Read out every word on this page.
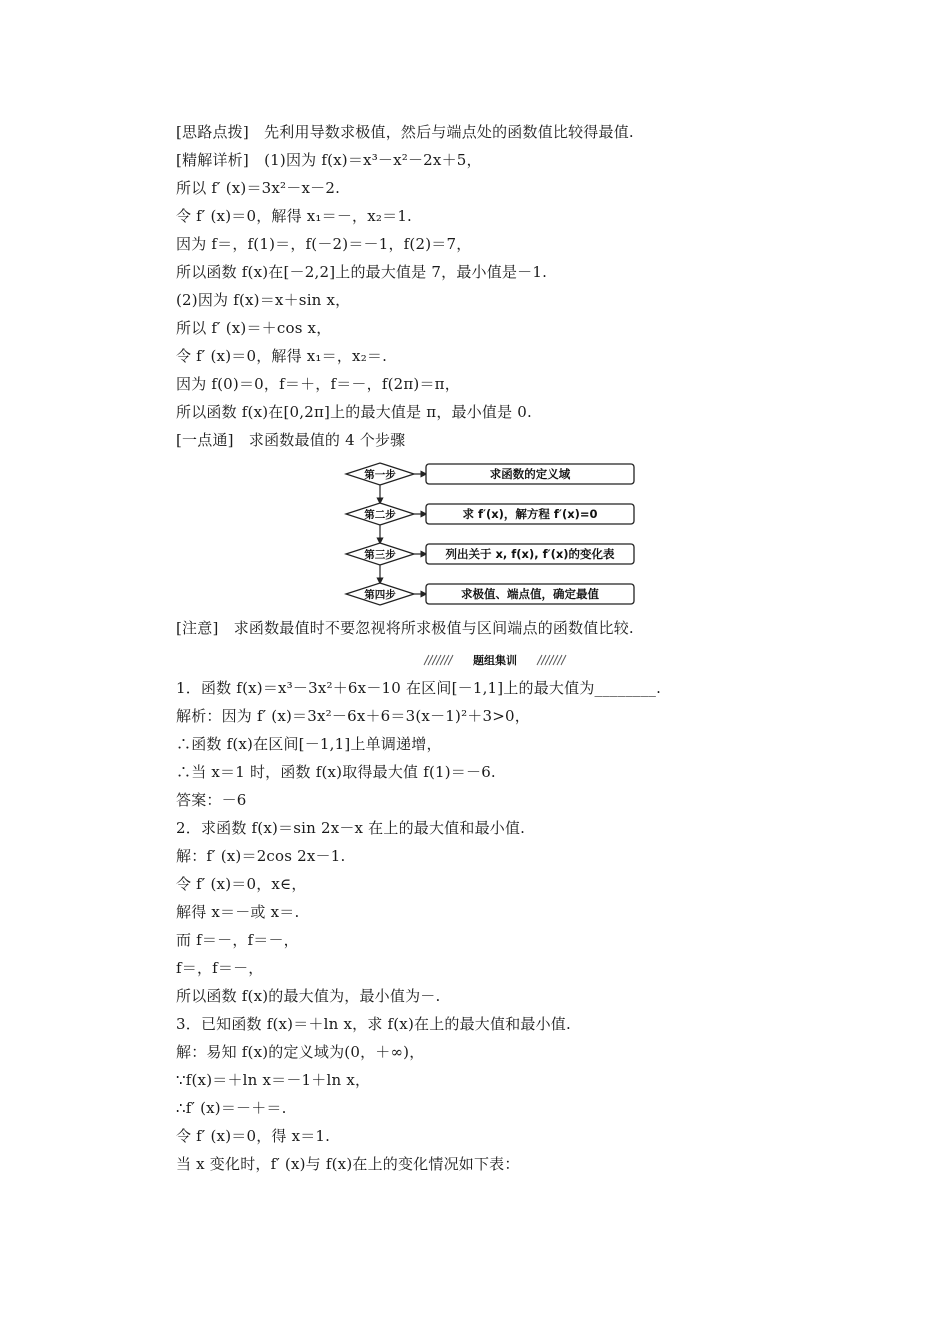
[思路点拨]　先利用导数求极值，然后与端点处的函数值比较得最值.
[精解详析]　(1)因为 f(x)＝x³－x²－2x＋5，
所以 f′ (x)＝3x²－x－2.
令 f′ (x)＝0，解得 x₁＝－，x₂＝1.
因为 f＝，f(1)＝，f(－2)＝－1，f(2)＝7，
所以函数 f(x)在[－2,2]上的最大值是 7，最小值是－1.
(2)因为 f(x)＝x＋sin x，
所以 f′ (x)＝＋cos x，
令 f′ (x)＝0，解得 x₁＝，x₂＝.
因为 f(0)＝0，f＝＋，f＝－，f(2π)＝π，
所以函数 f(x)在[0,2π]上的最大值是 π，最小值是 0.
[一点通]　求函数最值的 4 个步骤
第一步	求函数的定义域
第二步	求 f′(x)，解方程 f′(x)=0
第三步	列出关于 x, f(x), f′(x)的变化表
第四步	求极值、端点值，确定最值
[注意]　求函数最值时不要忽视将所求极值与区间端点的函数值比较.
题组集训
1．函数 f(x)＝x³－3x²＋6x－10 在区间[－1,1]上的最大值为________.
解析：因为 f′ (x)＝3x²－6x＋6＝3(x－1)²＋3>0，
∴函数 f(x)在区间[－1,1]上单调递增，
∴当 x＝1 时，函数 f(x)取得最大值 f(1)＝－6.
答案：－6
2．求函数 f(x)＝sin 2x－x 在上的最大值和最小值.
解：f′ (x)＝2cos 2x－1.
令 f′ (x)＝0，x∈，
解得 x＝－或 x＝.
而 f＝－，f＝－，
f＝，f＝－，
所以函数 f(x)的最大值为，最小值为－.
3．已知函数 f(x)＝＋ln x，求 f(x)在上的最大值和最小值.
解：易知 f(x)的定义域为(0，＋∞)，
∵f(x)＝＋ln x＝－1＋ln x，
∴f′ (x)＝－＋＝.
令 f′ (x)＝0，得 x＝1.
当 x 变化时，f′ (x)与 f(x)在上的变化情况如下表：
